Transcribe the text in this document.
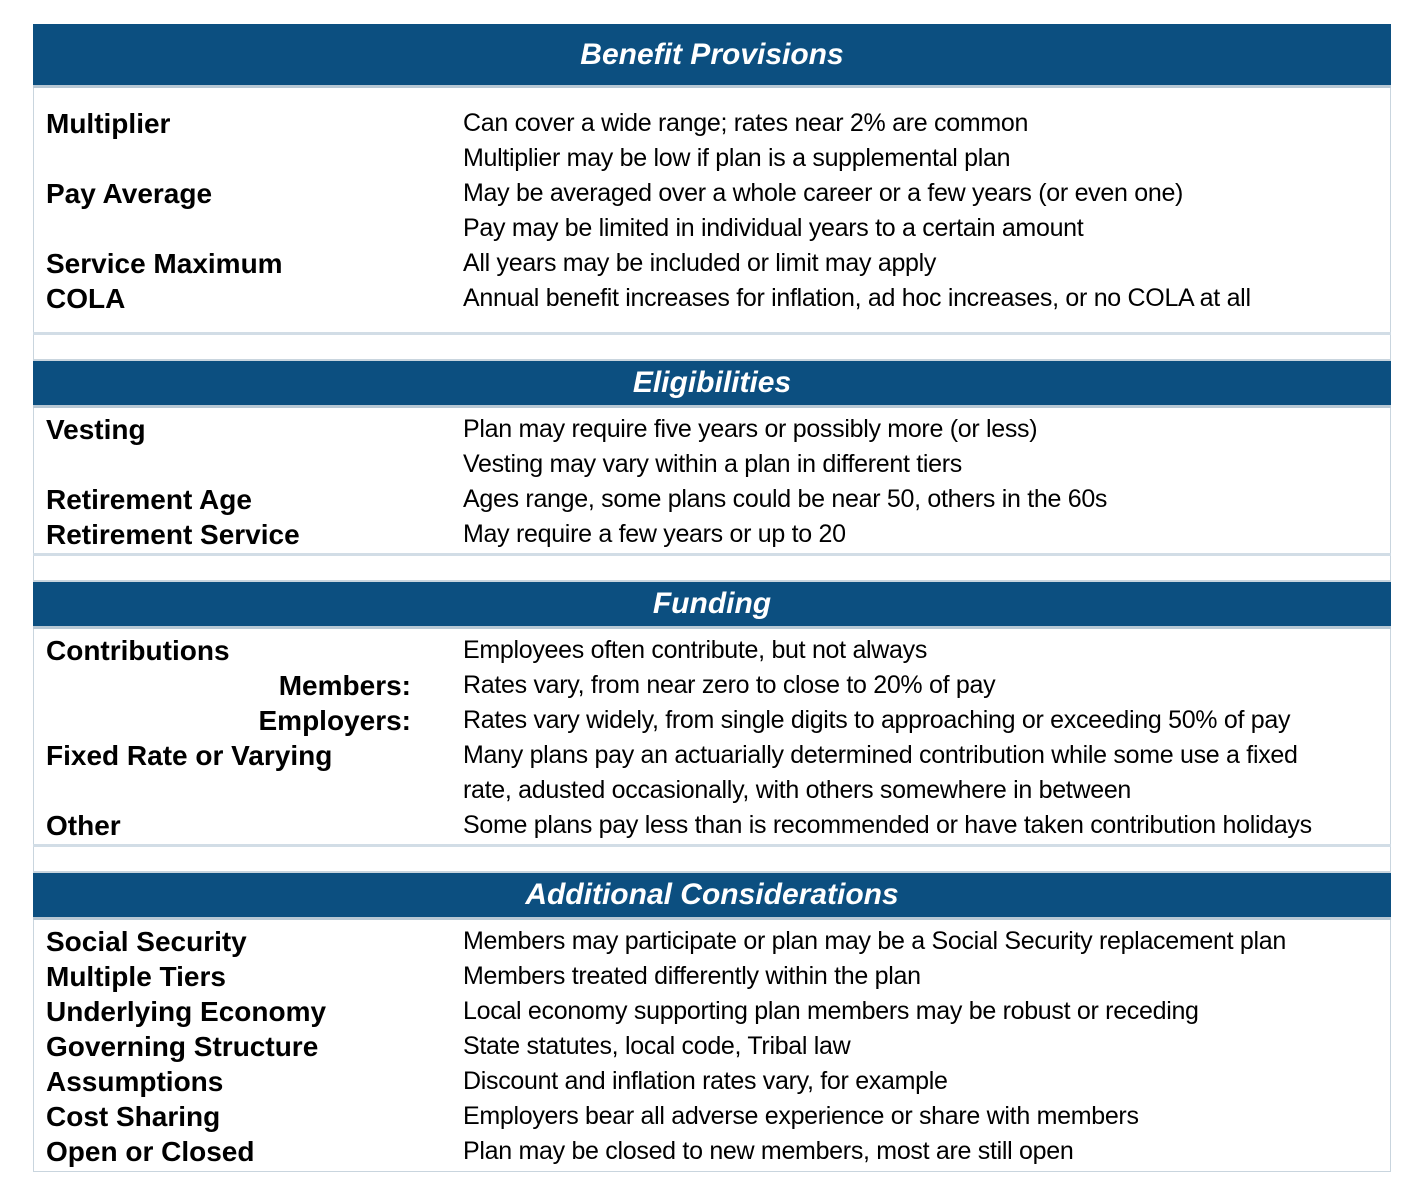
Benefit Provisions
Multiplier	Can cover a wide range; rates near 2% are common
Multiplier may be low if plan is a supplemental plan
Pay Average	May be averaged over a whole career or a few years (or even one)
Pay may be limited in individual years to a certain amount
Service Maximum	All years may be included or limit may apply
COLA	Annual benefit increases for inflation, ad hoc increases, or no COLA at all
Eligibilities
Vesting	Plan may require five years or possibly more (or less)
Vesting may vary within a plan in different tiers
Retirement Age	Ages range, some plans could be near 50, others in the 60s
Retirement Service	May require a few years or up to 20
Funding
Contributions	Employees often contribute, but not always
Members: Rates vary, from near zero to close to 20% of pay
Employers: Rates vary widely, from single digits to approaching or exceeding 50% of pay
Fixed Rate or Varying	Many plans pay an actuarially determined contribution while some use a fixed
rate, adusted occasionally, with others somewhere in between
Other	Some plans pay less than is recommended or have taken contribution holidays
Additional Considerations
Social Security	Members may participate or plan may be a Social Security replacement plan
Multiple Tiers	Members treated differently within the plan
Underlying Economy	Local economy supporting plan members may be robust or receding
Governing Structure	State statutes, local code, Tribal law
Assumptions	Discount and inflation rates vary, for example
Cost Sharing	Employers bear all adverse experience or share with members
Open or Closed	Plan may be closed to new members, most are still open
